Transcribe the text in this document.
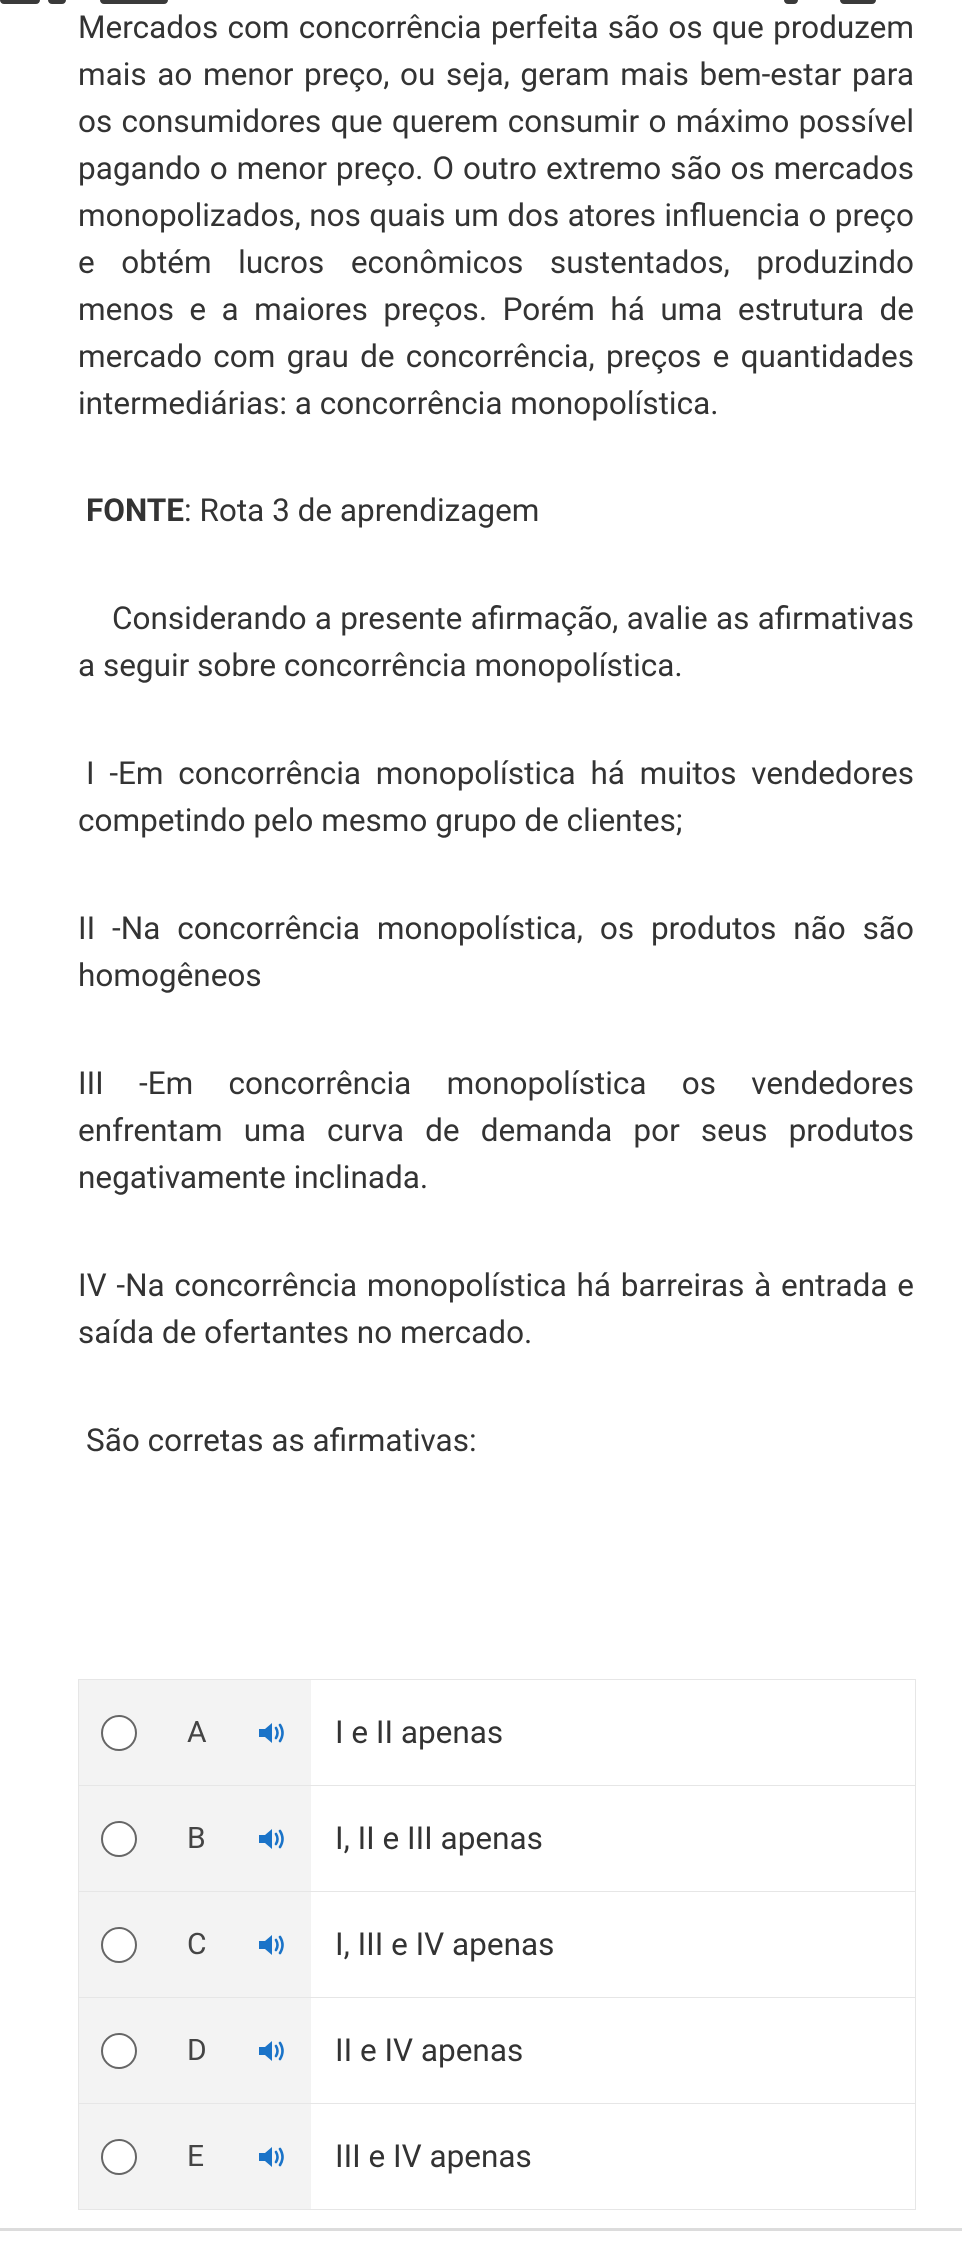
Mercados com concorrência perfeita são os que produzem mais ao menor preço, ou seja, geram mais bem-estar para os consumidores que querem consumir o máximo possível pagando o menor preço. O outro extremo são os mercados monopolizados, nos quais um dos atores influencia o preço e obtém lucros econômicos sustentados, produzindo menos e a maiores preços. Porém há uma estrutura de mercado com grau de concorrência, preços e quantidades intermediárias: a concorrência monopolística.

FONTE: Rota 3 de aprendizagem

Considerando a presente afirmação, avalie as afirmativas a seguir sobre concorrência monopolística.

I -Em concorrência monopolística há muitos vendedores competindo pelo mesmo grupo de clientes;

II -Na concorrência monopolística, os produtos não são homogêneos

III -Em concorrência monopolística os vendedores enfrentam uma curva de demanda por seus produtos negativamente inclinada.

IV -Na concorrência monopolística há barreiras à entrada e saída de ofertantes no mercado.

São corretas as afirmativas:

A	I e II apenas
B	I, II e III apenas
C	I, III e IV apenas
D	II e IV apenas
E	III e IV apenas
